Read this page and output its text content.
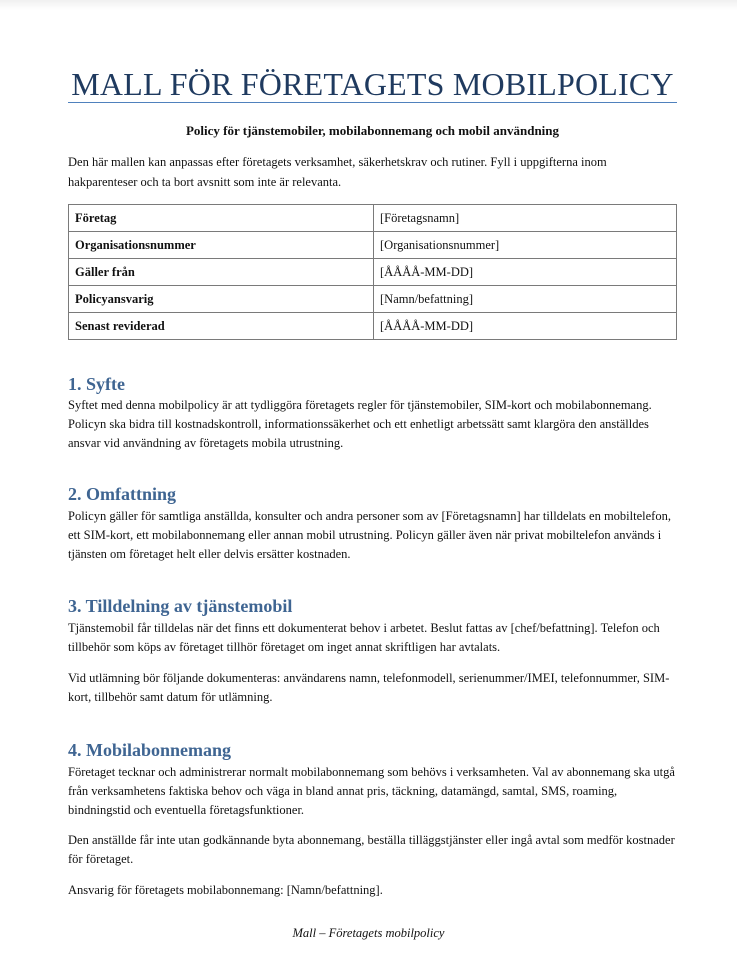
MALL FÖR FÖRETAGETS MOBILPOLICY
Policy för tjänstemobiler, mobilabonnemang och mobil användning

Den här mallen kan anpassas efter företagets verksamhet, säkerhetskrav och rutiner. Fyll i uppgifterna inom hakparenteser och ta bort avsnitt som inte är relevanta.

Företag	[Företagsnamn]
Organisationsnummer	[Organisationsnummer]
Gäller från	[ÅÅÅÅ-MM-DD]
Policyansvarig	[Namn/befattning]
Senast reviderad	[ÅÅÅÅ-MM-DD]
1. Syfte

Syftet med denna mobilpolicy är att tydliggöra företagets regler för tjänstemobiler, SIM-kort och mobilabonnemang. Policyn ska bidra till kostnadskontroll, informationssäkerhet och ett enhetligt arbetssätt samt klargöra den anställdes ansvar vid användning av företagets mobila utrustning.

2. Omfattning

Policyn gäller för samtliga anställda, konsulter och andra personer som av [Företagsnamn] har tilldelats en mobiltelefon, ett SIM-kort, ett mobilabonnemang eller annan mobil utrustning. Policyn gäller även när privat mobiltelefon används i tjänsten om företaget helt eller delvis ersätter kostnaden.

3. Tilldelning av tjänstemobil

Tjänstemobil får tilldelas när det finns ett dokumenterat behov i arbetet. Beslut fattas av [chef/befattning]. Telefon och tillbehör som köps av företaget tillhör företaget om inget annat skriftligen har avtalats.

Vid utlämning bör följande dokumenteras: användarens namn, telefonmodell, serienummer/IMEI, telefonnummer, SIM-kort, tillbehör samt datum för utlämning.

4. Mobilabonnemang

Företaget tecknar och administrerar normalt mobilabonnemang som behövs i verksamheten. Val av abonnemang ska utgå från verksamhetens faktiska behov och väga in bland annat pris, täckning, datamängd, samtal, SMS, roaming, bindningstid och eventuella företagsfunktioner.

Den anställde får inte utan godkännande byta abonnemang, beställa tilläggstjänster eller ingå avtal som medför kostnader för företaget.

Ansvarig för företagets mobilabonnemang: [Namn/befattning].

Mall – Företagets mobilpolicy
